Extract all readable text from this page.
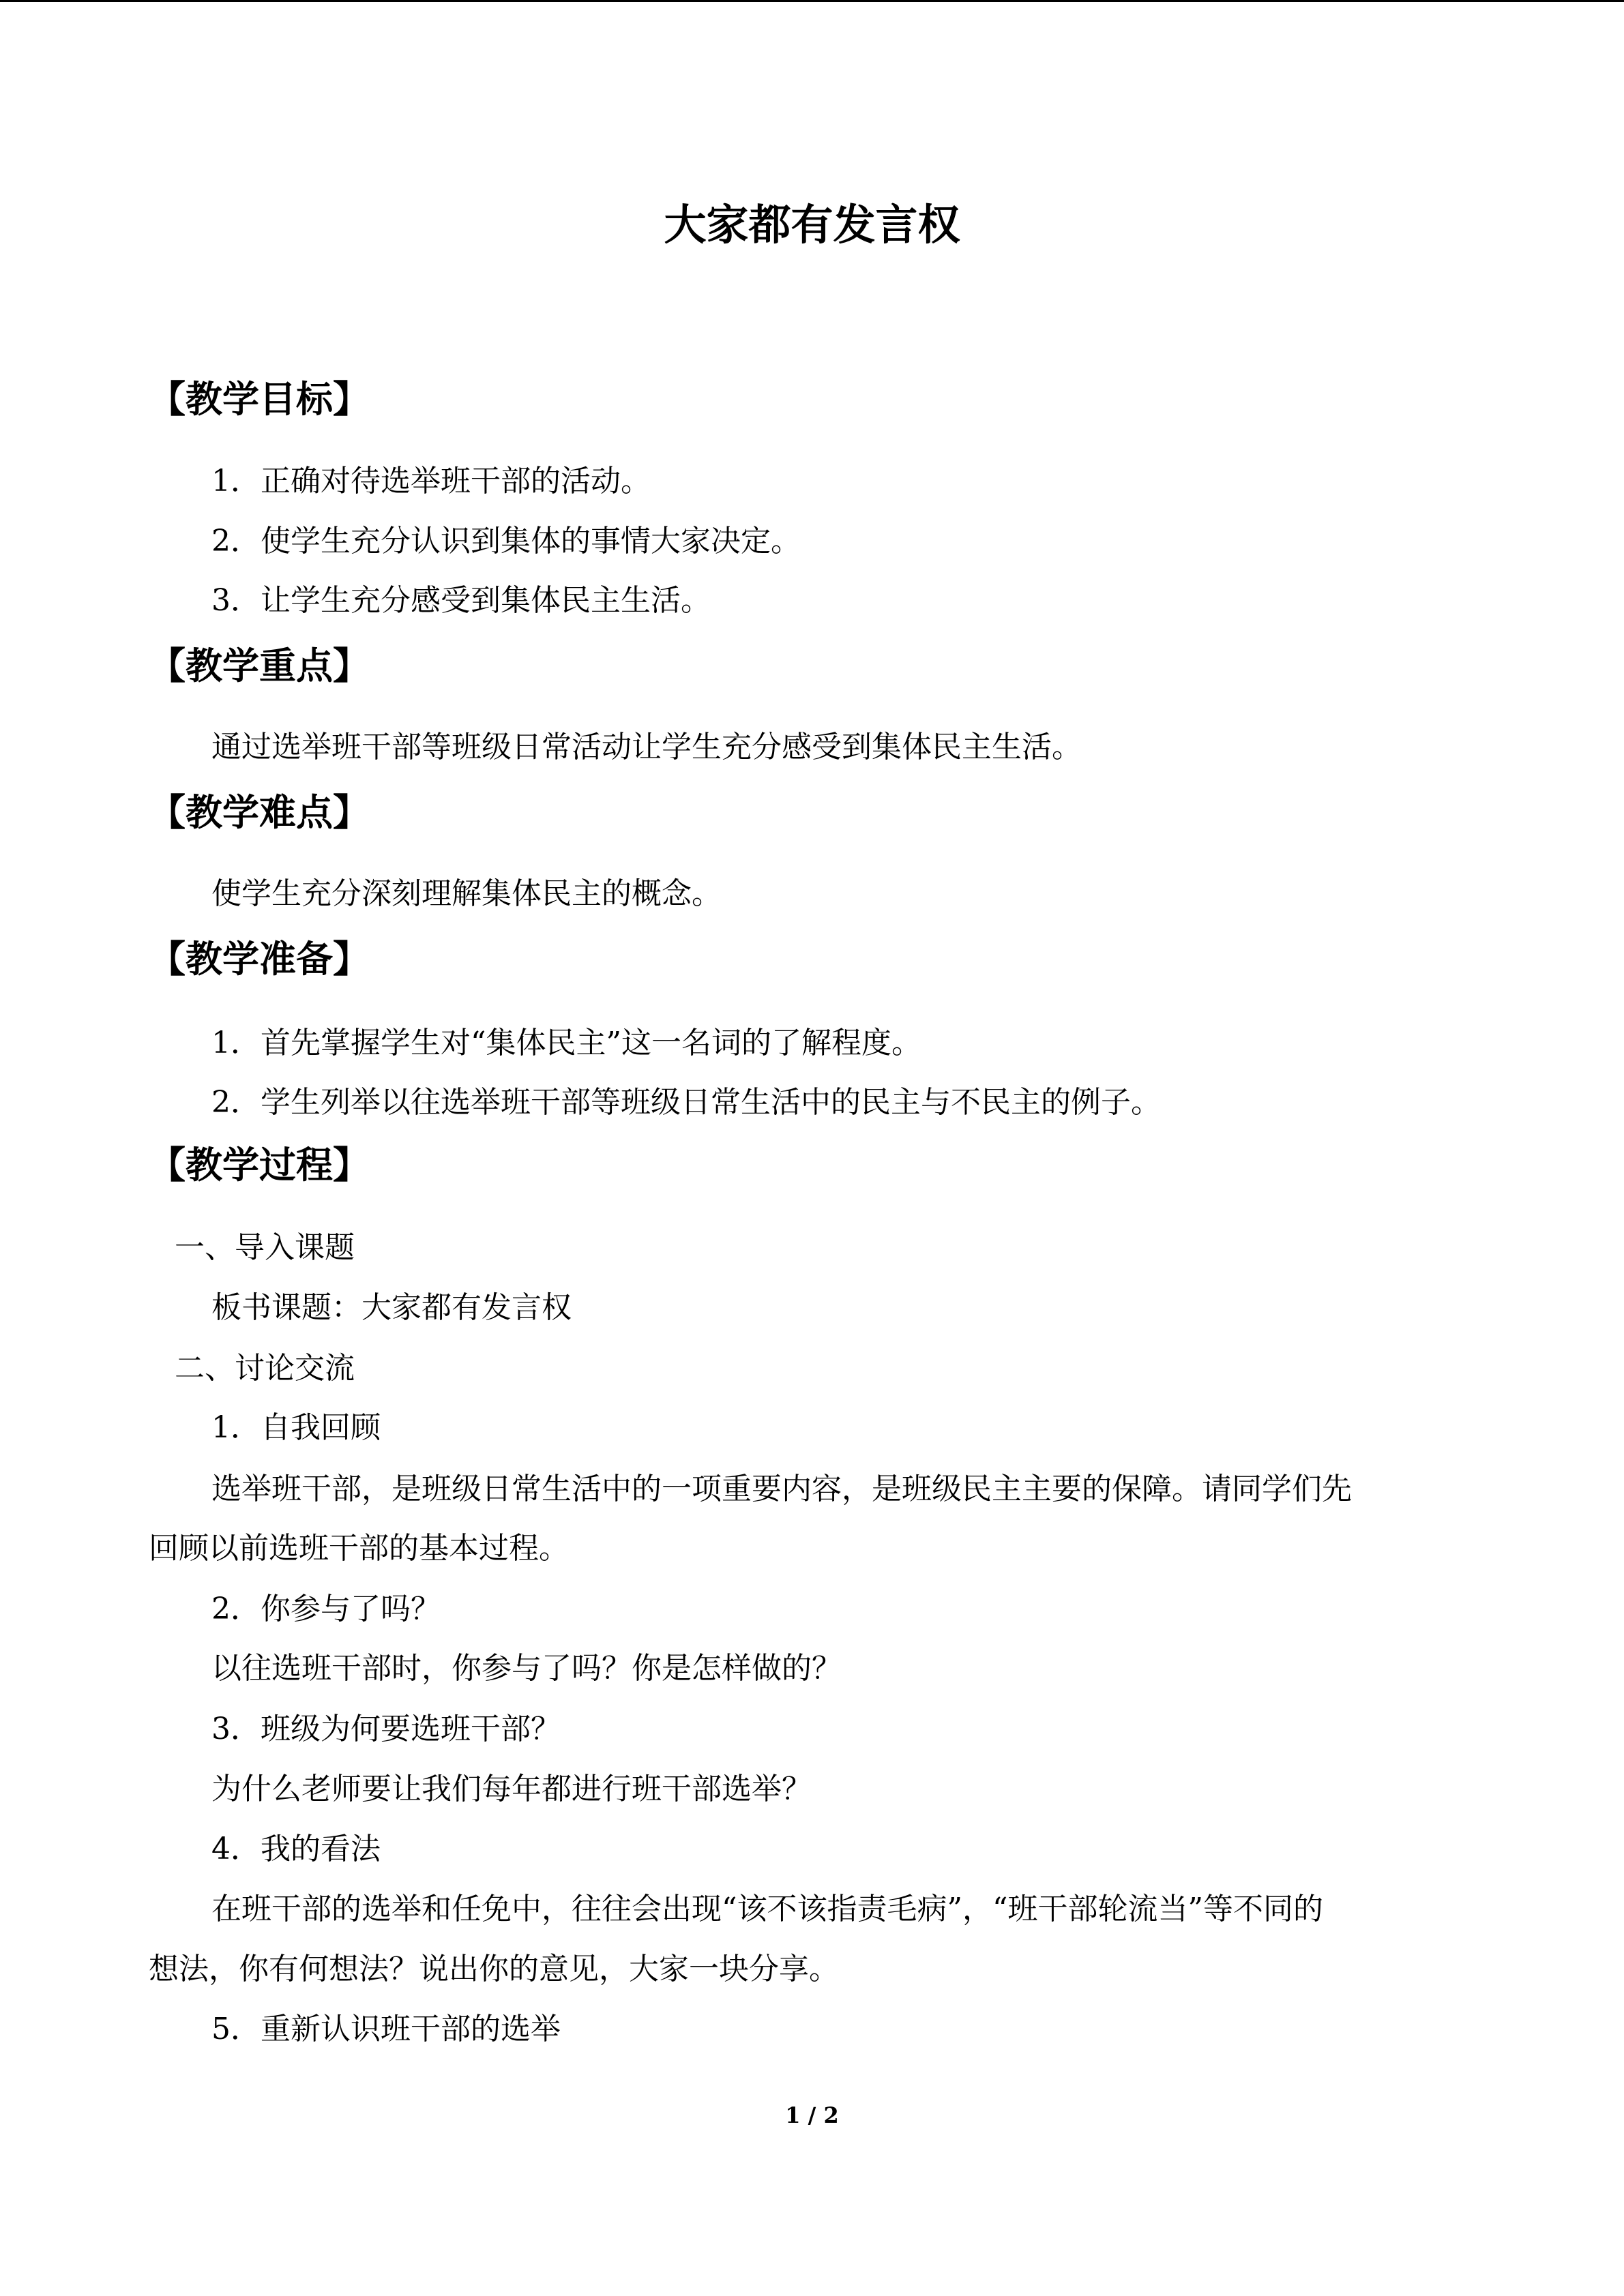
大家都有发言权
【教学目标】

1．正确对待选举班干部的活动。

2．使学生充分认识到集体的事情大家决定。

3．让学生充分感受到集体民主生活。

【教学重点】

通过选举班干部等班级日常活动让学生充分感受到集体民主生活。

【教学难点】

使学生充分深刻理解集体民主的概念。

【教学准备】

1．首先掌握学生对“集体民主”这一名词的了解程度。

2．学生列举以往选举班干部等班级日常生活中的民主与不民主的例子。

【教学过程】

一、导入课题

板书课题：大家都有发言权

二、讨论交流

1．自我回顾

选举班干部，是班级日常生活中的一项重要内容，是班级民主主要的保障。请同学们先

回顾以前选班干部的基本过程。

2．你参与了吗？

以往选班干部时，你参与了吗？你是怎样做的？

3．班级为何要选班干部？

为什么老师要让我们每年都进行班干部选举？

4．我的看法

在班干部的选举和任免中，往往会出现“该不该指责毛病”，“班干部轮流当”等不同的

想法，你有何想法？说出你的意见，大家一块分享。

5．重新认识班干部的选举

1 / 2
